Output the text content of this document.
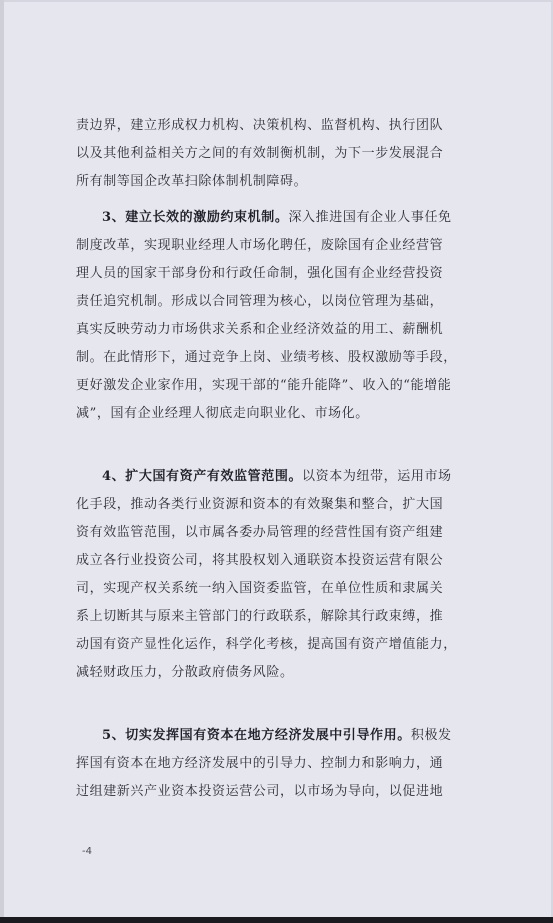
责边界，建立形成权力机构、决策机构、监督机构、执行团队
以及其他利益相关方之间的有效制衡机制，为下一步发展混合
所有制等国企改革扫除体制机制障碍。
3、建立长效的激励约束机制。深入推进国有企业人事任免
制度改革，实现职业经理人市场化聘任，废除国有企业经营管
理人员的国家干部身份和行政任命制，强化国有企业经营投资
责任追究机制。形成以合同管理为核心，以岗位管理为基础，
真实反映劳动力市场供求关系和企业经济效益的用工、薪酬机
制。在此情形下，通过竞争上岗、业绩考核、股权激励等手段，
更好激发企业家作用，实现干部的“能升能降”、收入的“能增能
减”，国有企业经理人彻底走向职业化、市场化。
4、扩大国有资产有效监管范围。以资本为纽带，运用市场
化手段，推动各类行业资源和资本的有效聚集和整合，扩大国
资有效监管范围，以市属各委办局管理的经营性国有资产组建
成立各行业投资公司，将其股权划入通联资本投资运营有限公
司，实现产权关系统一纳入国资委监管，在单位性质和隶属关
系上切断其与原来主管部门的行政联系，解除其行政束缚，推
动国有资产显性化运作，科学化考核，提高国有资产增值能力，
减轻财政压力，分散政府债务风险。
5、切实发挥国有资本在地方经济发展中引导作用。积极发
挥国有资本在地方经济发展中的引导力、控制力和影响力，通
过组建新兴产业资本投资运营公司，以市场为导向，以促进地
-4
